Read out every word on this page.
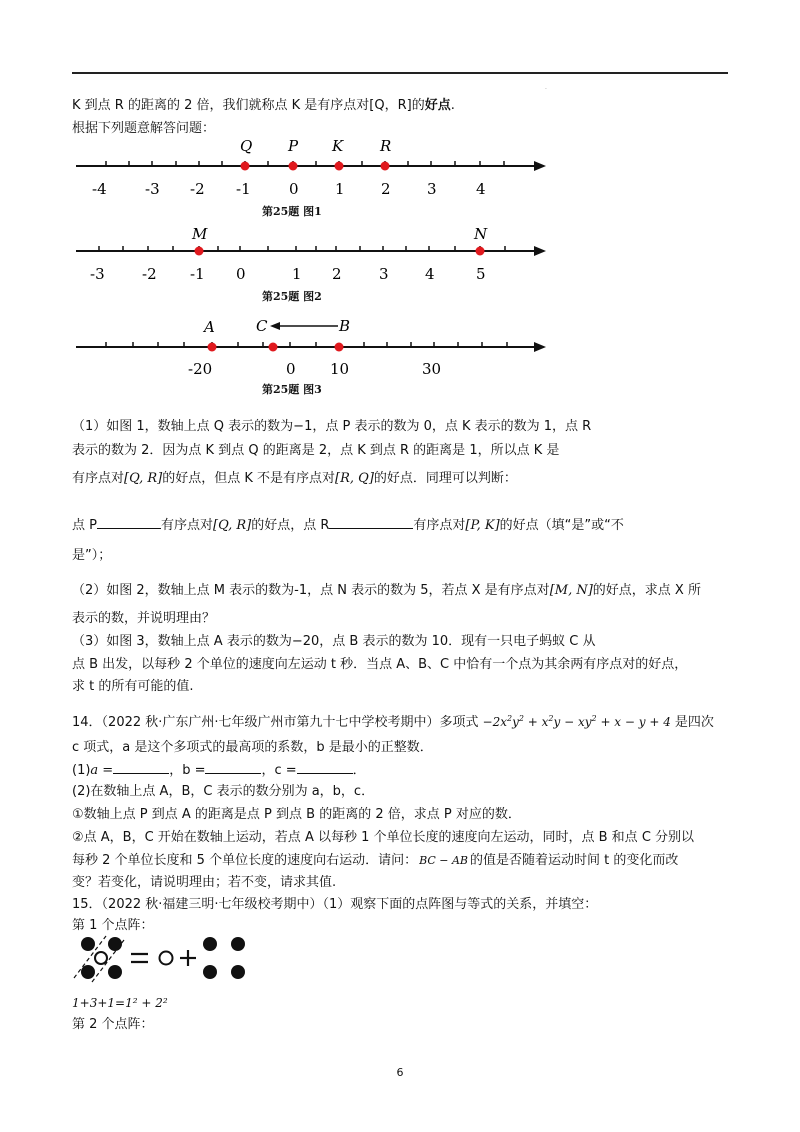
.
K 到点 R 的距离的 2 倍，我们就称点 K 是有序点对[Q，R]的好点.
根据下列题意解答问题：
Q P K R
-4	-3 -2 -1	0 1 2 3	4
M	N
-3 -2 -1 0	1 2 3 4	5
A	C	B
-20	0 10	30
第25题 图1
第25题 图2
第25题 图3
（1）如图 1，数轴上点 Q 表示的数为−1，点 P 表示的数为 0，点 K 表示的数为 1，点 R
表示的数为 2．因为点 K 到点 Q 的距离是 2，点 K 到点 R 的距离是 1，所以点 K 是
有序点对[Q, R]的好点，但点 K 不是有序点对[R, Q]的好点．同理可以判断：
点 P	有序点对[Q, R]的好点，点 R	有序点对[P, K]的好点（填“是”或“不
是”）；
（2）如图 2，数轴上点 M 表示的数为-1，点 N 表示的数为 5，若点 X 是有序点对[M, N]的好点，求点 X 所
表示的数，并说明理由？
（3）如图 3，数轴上点 A 表示的数为−20，点 B 表示的数为 10．现有一只电子蚂蚁 C 从
点 B 出发，以每秒 2 个单位的速度向左运动 t 秒．当点 A、B、C 中恰有一个点为其余两有序点对的好点，
求 t 的所有可能的值.
14．（2022 秋·广东广州·七年级广州市第九十七中学校考期中）多项式 $-2x^2y^2 + x^2y - xy^2 + x - y + 4$ 是四次
c 项式，a 是这个多项式的最高项的系数，b 是最小的正整数．
(1)a =	，b =	，c =	．
(2)在数轴上点 A，B，C 表示的数分别为 a，b，c．
①数轴上点 P 到点 A 的距离是点 P 到点 B 的距离的 2 倍，求点 P 对应的数．
②点 A，B，C 开始在数轴上运动，若点 A 以每秒 1 个单位长度的速度向左运动，同时，点 B 和点 C 分别以
每秒 2 个单位长度和 5 个单位长度的速度向右运动．请问： BC − AB 的值是否随着运动时间 t 的变化而改
变？若变化，请说明理由；若不变，请求其值.
15．（2022 秋·福建三明·七年级校考期中）（1）观察下面的点阵图与等式的关系，并填空：
第 1 个点阵：
1+3+1=1² + 2²
第 2 个点阵：
6
